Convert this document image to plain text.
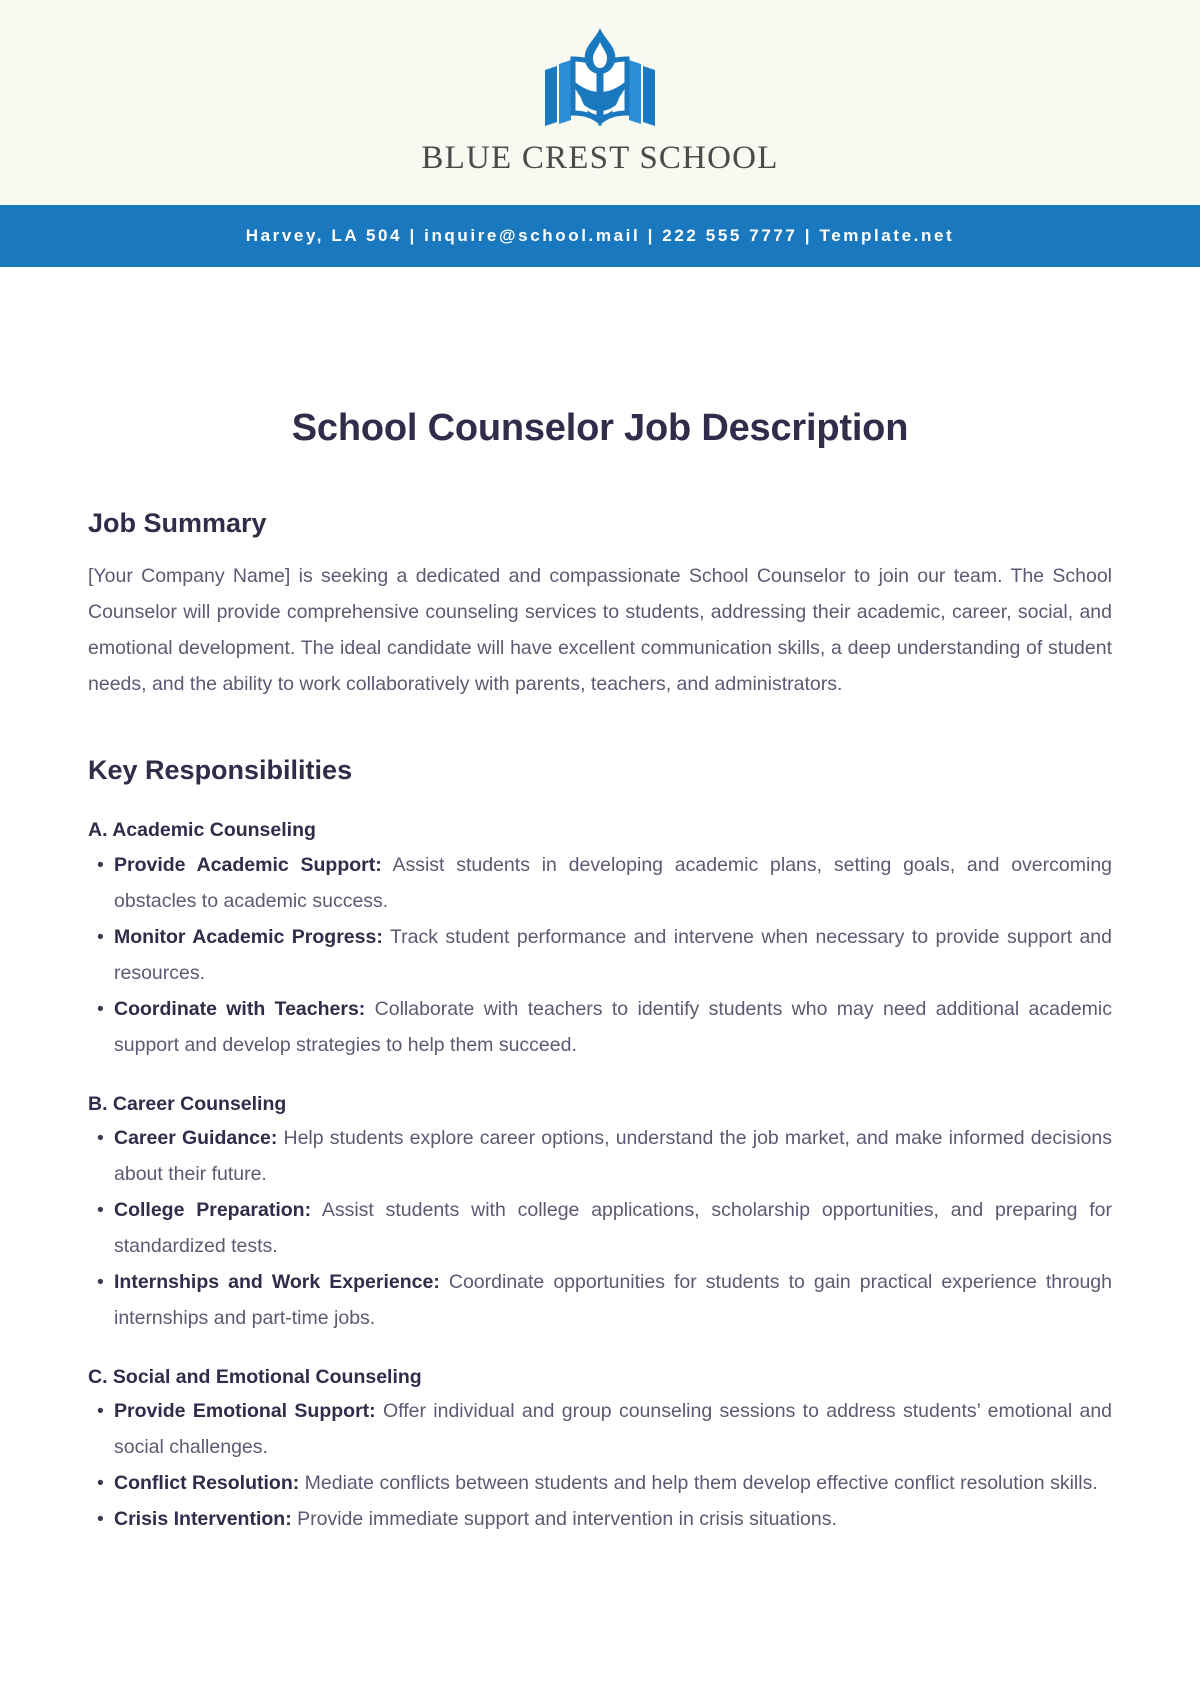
BLUE CREST SCHOOL
Harvey, LA 504 | inquire@school.mail | 222 555 7777 | Template.net
School Counselor Job Description
Job Summary

[Your Company Name] is seeking a dedicated and compassionate School Counselor to join our team. The School Counselor will provide comprehensive counseling services to students, addressing their academic, career, social, and emotional development. The ideal candidate will have excellent communication skills, a deep understanding of student needs, and the ability to work collaboratively with parents, teachers, and administrators.

Key Responsibilities
A. Academic Counseling
• Provide Academic Support: Assist students in developing academic plans, setting goals, and overcoming obstacles to academic success.
• Monitor Academic Progress: Track student performance and intervene when necessary to provide support and resources.
• Coordinate with Teachers: Collaborate with teachers to identify students who may need additional academic support and develop strategies to help them succeed.
B. Career Counseling
• Career Guidance: Help students explore career options, understand the job market, and make informed decisions about their future.
• College Preparation: Assist students with college applications, scholarship opportunities, and preparing for standardized tests.
• Internships and Work Experience: Coordinate opportunities for students to gain practical experience through internships and part-time jobs.
C. Social and Emotional Counseling
• Provide Emotional Support: Offer individual and group counseling sessions to address students’ emotional and social challenges.
• Conflict Resolution: Mediate conflicts between students and help them develop effective conflict resolution skills.
• Crisis Intervention: Provide immediate support and intervention in crisis situations.
